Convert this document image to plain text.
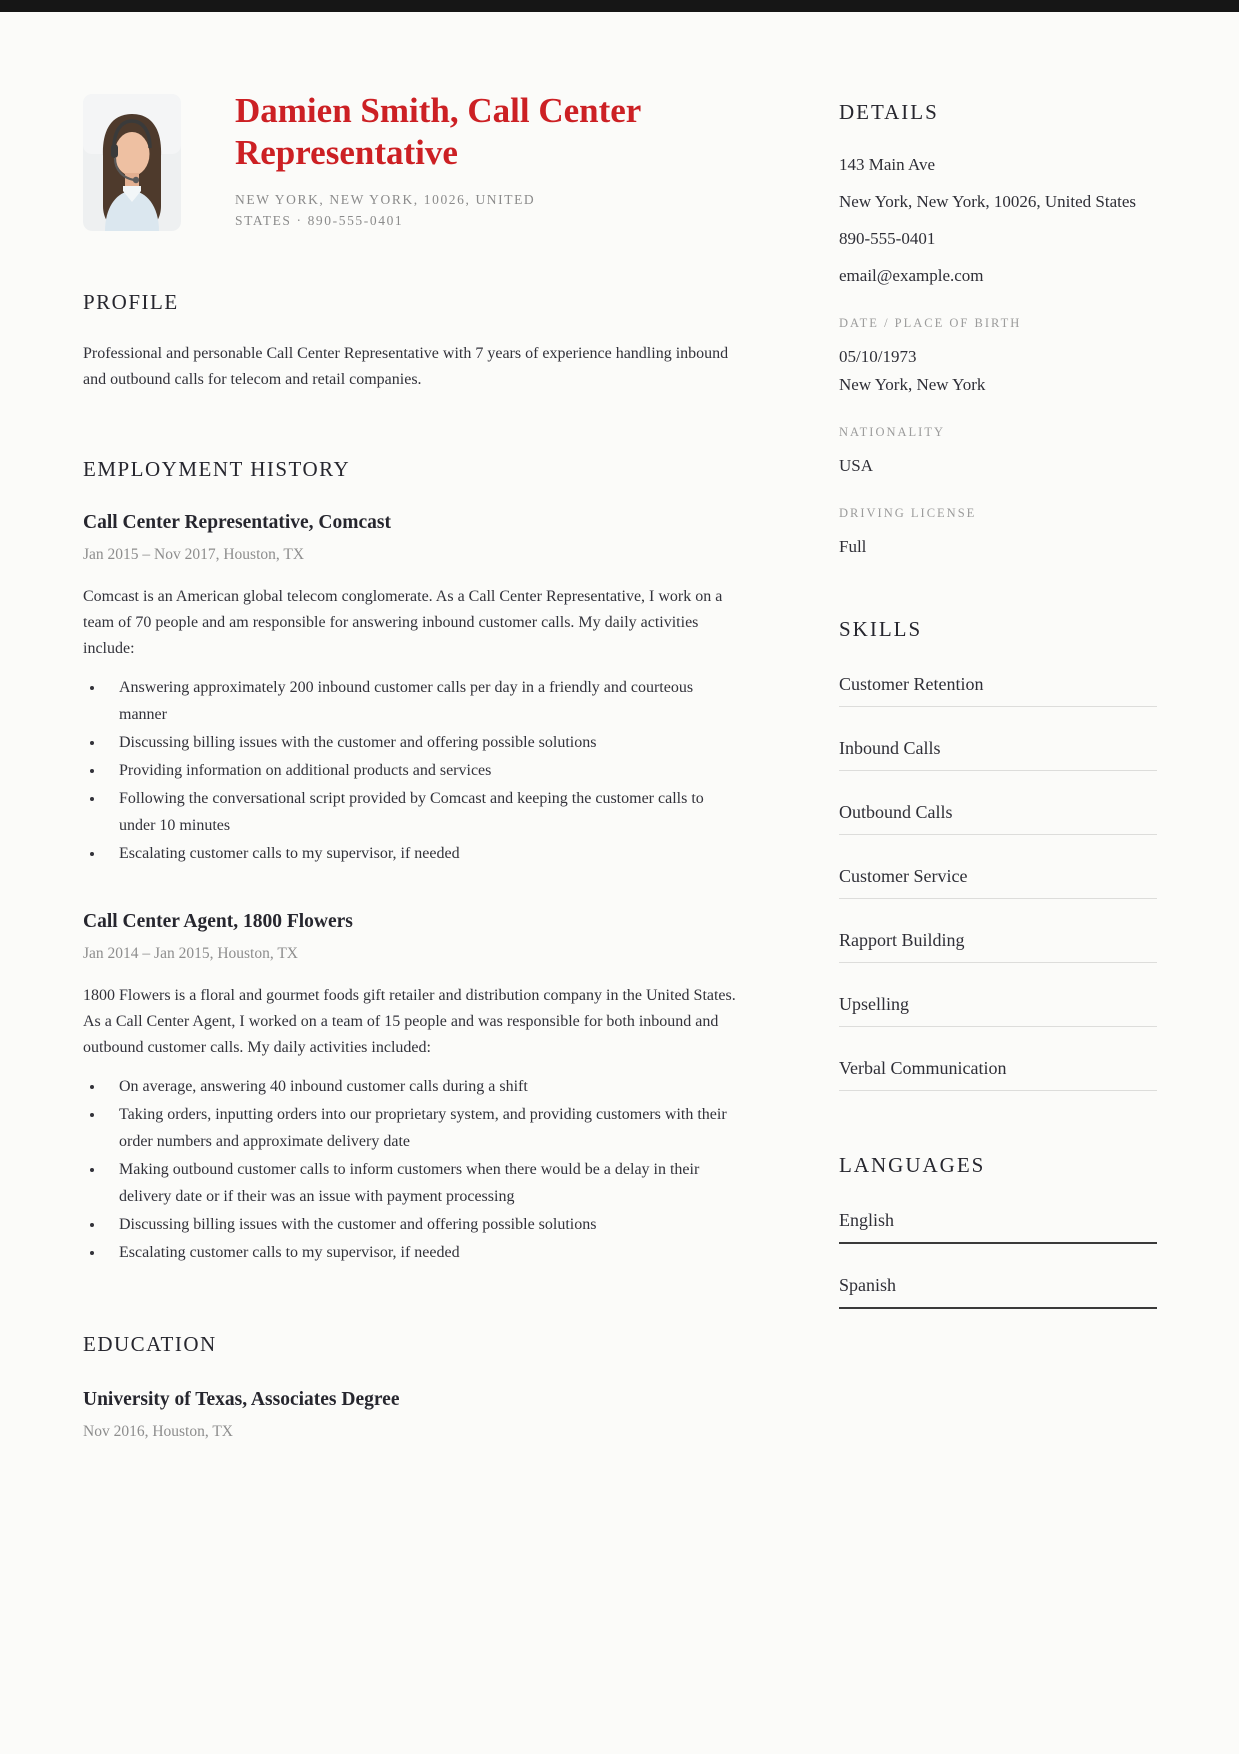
Damien Smith, Call Center Representative
NEW YORK, NEW YORK, 10026, UNITED STATES · 890-555-0401
PROFILE
Professional and personable Call Center Representative with 7 years of experience handling inbound and outbound calls for telecom and retail companies.
EMPLOYMENT HISTORY
Call Center Representative, Comcast
Jan 2015 – Nov 2017, Houston, TX
Comcast is an American global telecom conglomerate. As a Call Center Representative, I work on a team of 70 people and am responsible for answering inbound customer calls. My daily activities include:
• Answering approximately 200 inbound customer calls per day in a friendly and courteous manner
• Discussing billing issues with the customer and offering possible solutions
• Providing information on additional products and services
• Following the conversational script provided by Comcast and keeping the customer calls to under 10 minutes
• Escalating customer calls to my supervisor, if needed
Call Center Agent, 1800 Flowers
Jan 2014 – Jan 2015, Houston, TX
1800 Flowers is a floral and gourmet foods gift retailer and distribution company in the United States. As a Call Center Agent, I worked on a team of 15 people and was responsible for both inbound and outbound customer calls. My daily activities included:
• On average, answering 40 inbound customer calls during a shift
• Taking orders, inputting orders into our proprietary system, and providing customers with their order numbers and approximate delivery date
• Making outbound customer calls to inform customers when there would be a delay in their delivery date or if their was an issue with payment processing
• Discussing billing issues with the customer and offering possible solutions
• Escalating customer calls to my supervisor, if needed
EDUCATION
University of Texas, Associates Degree
Nov 2016, Houston, TX
DETAILS
143 Main Ave
New York, New York, 10026, United States
890-555-0401
email@example.com
DATE / PLACE OF BIRTH
05/10/1973
New York, New York
NATIONALITY
USA
DRIVING LICENSE
Full
SKILLS
Customer Retention
Inbound Calls
Outbound Calls
Customer Service
Rapport Building
Upselling
Verbal Communication
LANGUAGES
English
Spanish
